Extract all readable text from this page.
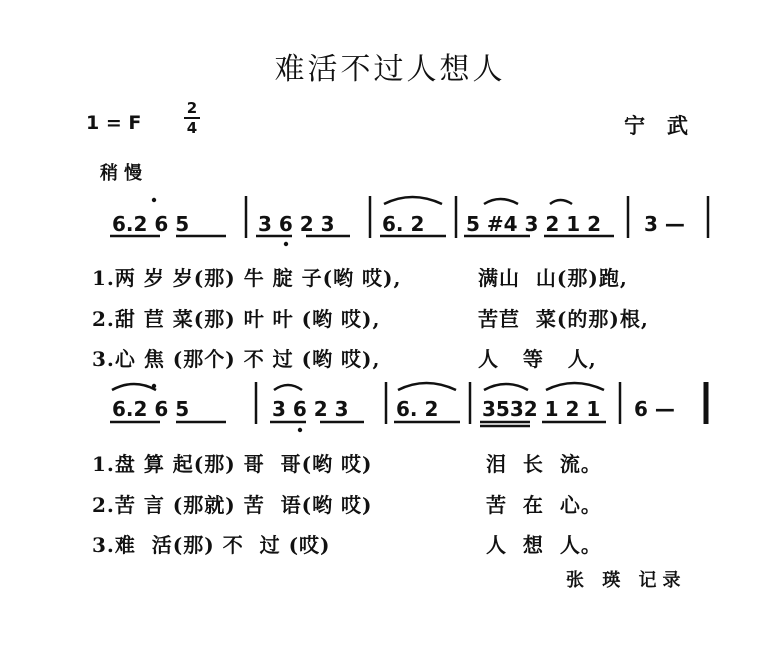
难活不过人想人
1 = F
2
4	宁武
稍慢
6.2 6 5	3 6 2 3 6. 2 5 #4 3 2 1 2 3 —
1.两 岁 岁(那) 牛 腚 子(哟 哎),	满山  山(那)跑,
2.甜 苣 菜(那) 叶 叶 (哟 哎),	苦苣  菜(的那)根,
3.心 焦 (那个) 不 过 (哟 哎),	人   等   人,
6.2 6 5	3 6 2 3 6. 2 3532 1 2 1 6 —
1.盘 算 起(那) 哥  哥(哟 哎)	泪  长  流。
2.苦 言 (那就) 苦  语(哟 哎)	苦  在  心。
3.难  活(那) 不  过 (哎)	人  想  人。
张 瑛 记录
